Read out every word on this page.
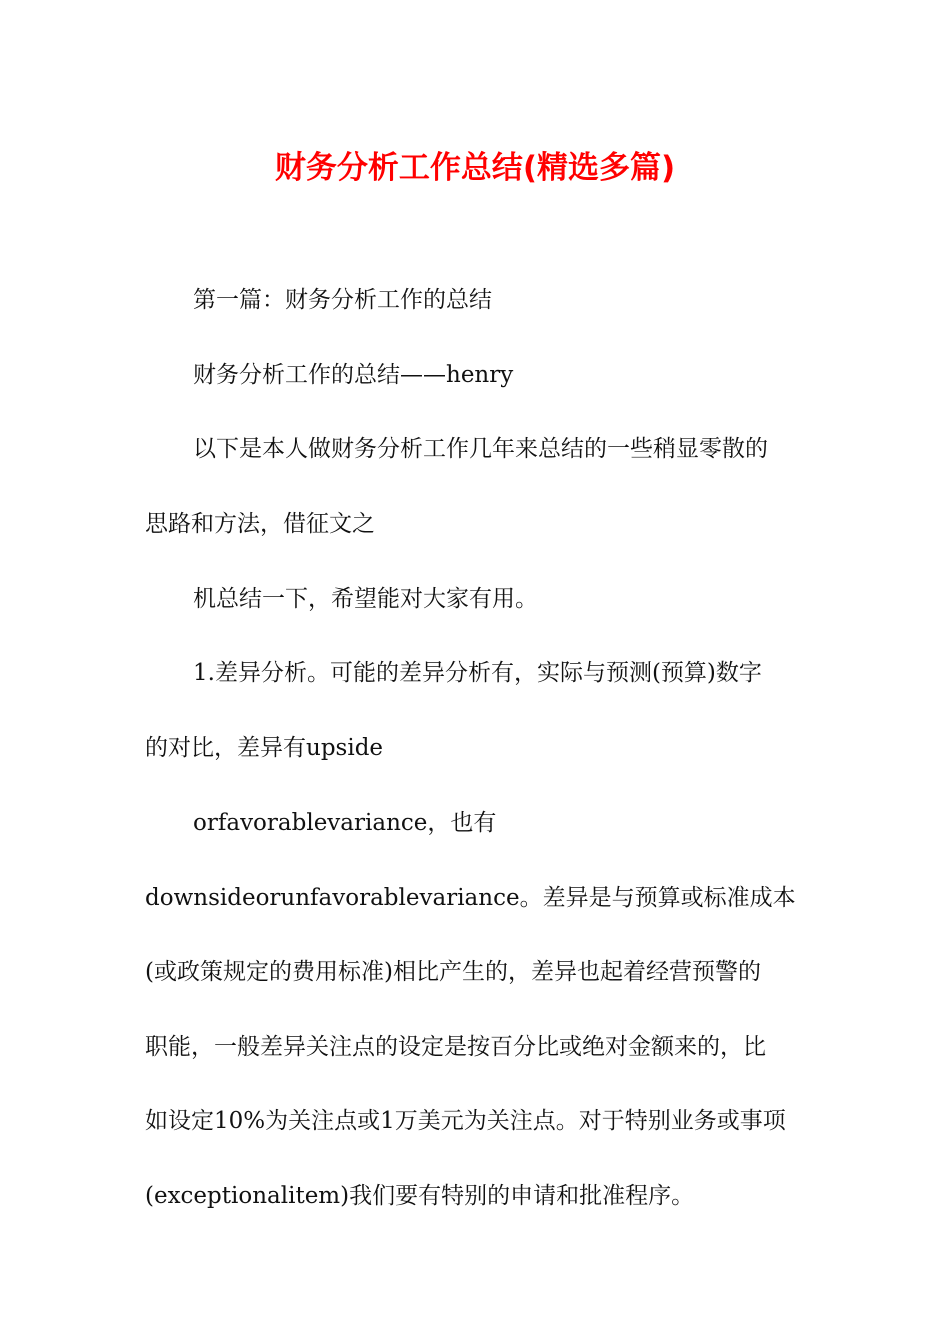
财务分析工作总结(精选多篇)
第一篇：财务分析工作的总结
财务分析工作的总结——henry
以下是本人做财务分析工作几年来总结的一些稍显零散的
思路和方法，借征文之
机总结一下，希望能对大家有用。
1.差异分析。可能的差异分析有，实际与预测(预算)数字
的对比，差异有upside
orfavorablevariance，也有
downsideorunfavorablevariance。差异是与预算或标准成本
(或政策规定的费用标准)相比产生的，差异也起着经营预警的
职能，一般差异关注点的设定是按百分比或绝对金额来的，比
如设定10%为关注点或1万美元为关注点。对于特别业务或事项
(exceptionalitem)我们要有特别的申请和批准程序。
